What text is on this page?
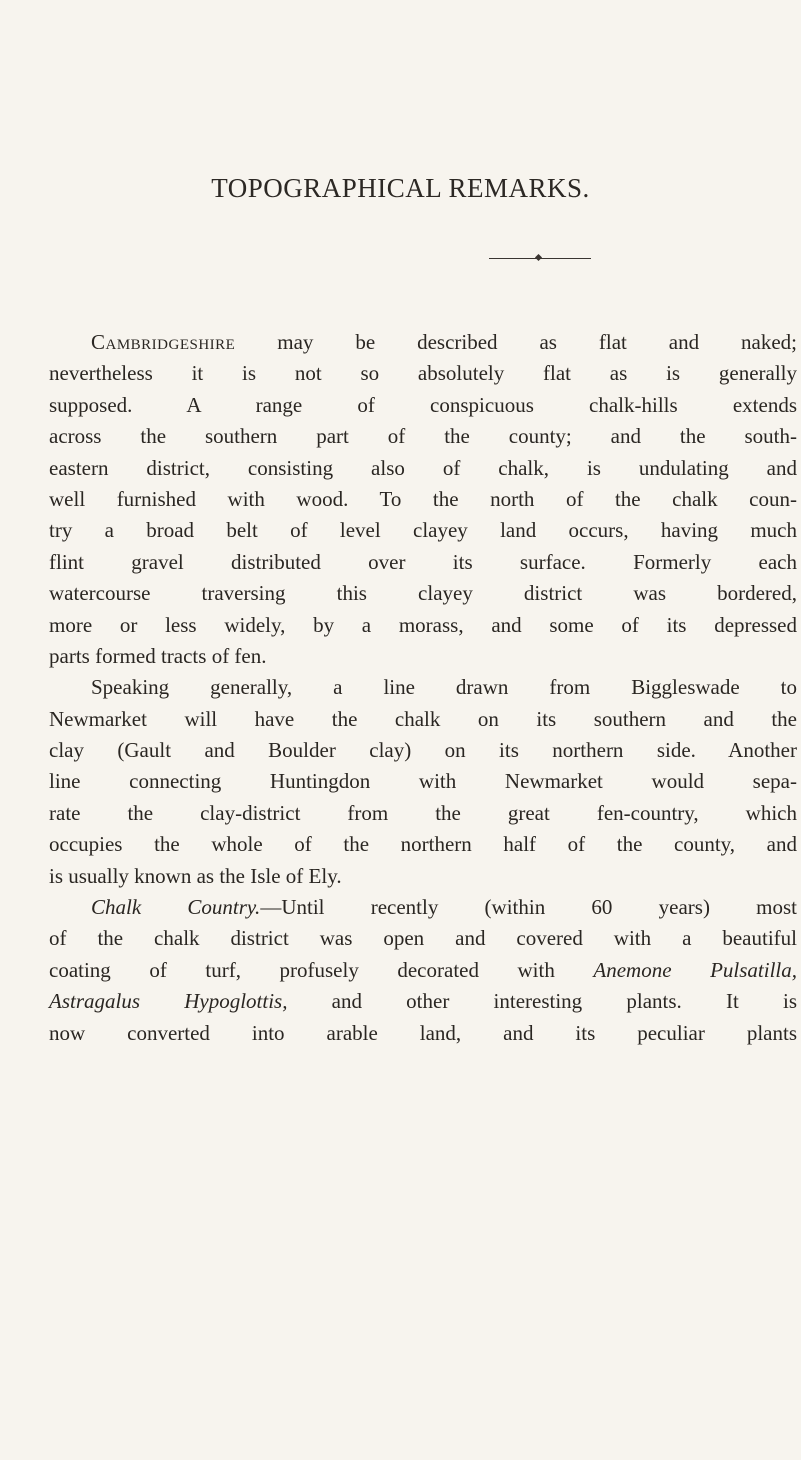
TOPOGRAPHICAL REMARKS.
Cambridgeshire may be described as flat and naked;
nevertheless it is not so absolutely flat as is generally
supposed. A range of conspicuous chalk-hills extends
across the southern part of the county; and the south-
eastern district, consisting also of chalk, is undulating and
well furnished with wood. To the north of the chalk coun-
try a broad belt of level clayey land occurs, having much
flint gravel distributed over its surface. Formerly each
watercourse traversing this clayey district was bordered,
more or less widely, by a morass, and some of its depressed
parts formed tracts of fen.
Speaking generally, a line drawn from Biggleswade to
Newmarket will have the chalk on its southern and the
clay (Gault and Boulder clay) on its northern side. Another
line connecting Huntingdon with Newmarket would sepa-
rate the clay-district from the great fen-country, which
occupies the whole of the northern half of the county, and
is usually known as the Isle of Ely.
Chalk Country.—Until recently (within 60 years) most
of the chalk district was open and covered with a beautiful
coating of turf, profusely decorated with Anemone Pulsatilla,
Astragalus Hypoglottis, and other interesting plants. It is
now converted into arable land, and its peculiar plants
